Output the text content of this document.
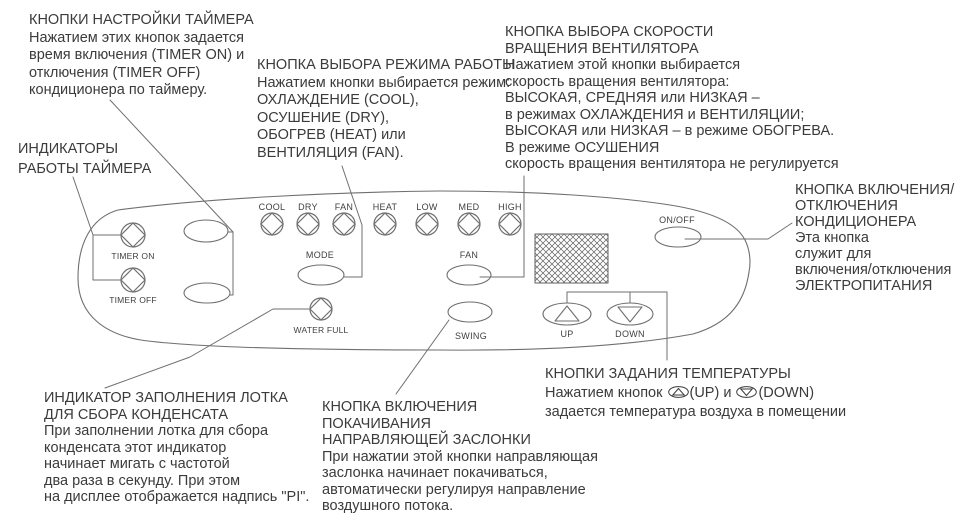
TIMER ON
TIMER OFF
COOL DRY FAN HEAT LOW MED HIGH
MODE	FAN
WATER FULL
SWING	UP	DOWN
ON/OFF
КНОПКИ НАСТРОЙКИ ТАЙМЕРА
Нажатием этих кнопок задается
время включения (TIMER ON) и
отключения (TIMER OFF)
кондиционера по таймеру.
ИНДИКАТОРЫ
РАБОТЫ ТАЙМЕРА
КНОПКА ВЫБОРА РЕЖИМА РАБОТЫ
Нажатием кнопки выбирается режим:
ОХЛАЖДЕНИЕ (COOL),
ОСУШЕНИЕ (DRY),
ОБОГРЕВ (HEAT) или
ВЕНТИЛЯЦИЯ (FAN).
КНОПКА ВЫБОРА СКОРОСТИ
ВРАЩЕНИЯ ВЕНТИЛЯТОРА
Нажатием этой кнопки выбирается
скорость вращения вентилятора:
ВЫСОКАЯ, СРЕДНЯЯ или НИЗКАЯ –
в режимах ОХЛАЖДЕНИЯ и ВЕНТИЛЯЦИИ;
ВЫСОКАЯ или НИЗКАЯ – в режиме ОБОГРЕВА.
В режиме ОСУШЕНИЯ
скорость вращения вентилятора не регулируется
КНОПКА ВКЛЮЧЕНИЯ/
ОТКЛЮЧЕНИЯ
КОНДИЦИОНЕРА
Эта кнопка
служит для
включения/отключения
ЭЛЕКТРОПИТАНИЯ
КНОПКИ ЗАДАНИЯ ТЕМПЕРАТУРЫ
Нажатием кнопок (UP) и (DOWN)
задается температура воздуха в помещении
ИНДИКАТОР ЗАПОЛНЕНИЯ ЛОТКА
ДЛЯ СБОРА КОНДЕНСАТА
При заполнении лотка для сбора
конденсата этот индикатор
начинает мигать с частотой
два раза в секунду. При этом
на дисплее отображается надпись "PI".
КНОПКА ВКЛЮЧЕНИЯ
ПОКАЧИВАНИЯ
НАПРАВЛЯЮЩЕЙ ЗАСЛОНКИ
При нажатии этой кнопки направляющая
заслонка начинает покачиваться,
автоматически регулируя направление
воздушного потока.
